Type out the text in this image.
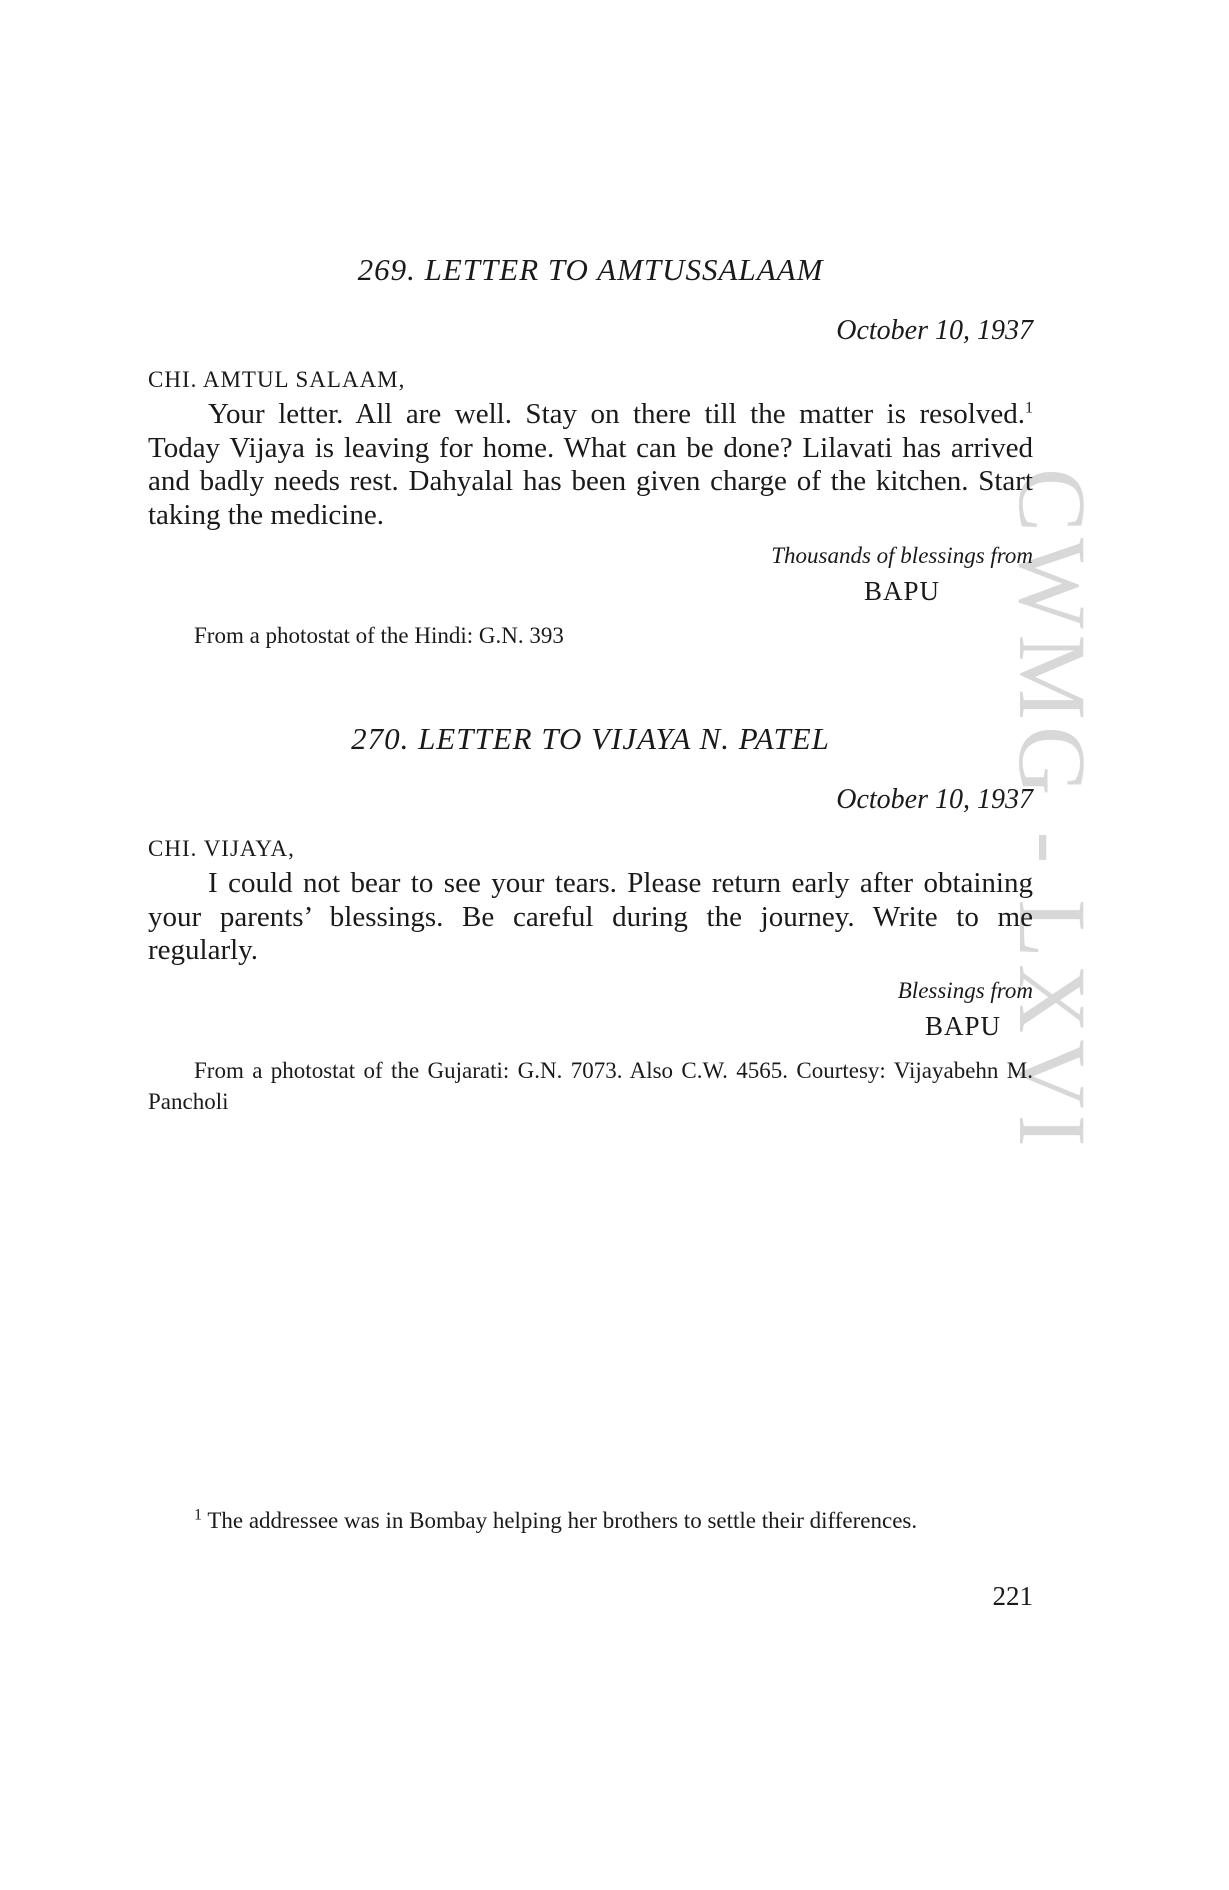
CWMG - LXVI
269. LETTER TO AMTUSSALAAM
October 10, 1937
CHI. AMTUL SALAAM,

Your letter. All are well. Stay on there till the matter is resolved.$^1$ Today Vijaya is leaving for home. What can be done? Lilavati has arrived and badly needs rest. Dahyalal has been given charge of the kitchen. Start taking the medicine.

Thousands of blessings from
BAPU

From a photostat of the Hindi: G.N. 393

270. LETTER TO VIJAYA N. PATEL
October 10, 1937
CHI. VIJAYA,

I could not bear to see your tears. Please return early after obtaining your parents’ blessings. Be careful during the journey. Write to me regularly.

Blessings from
BAPU

From a photostat of the Gujarati: G.N. 7073. Also C.W. 4565. Courtesy: Vijayabehn M. Pancholi

$^1$ The addressee was in Bombay helping her brothers to settle their differences.

221
